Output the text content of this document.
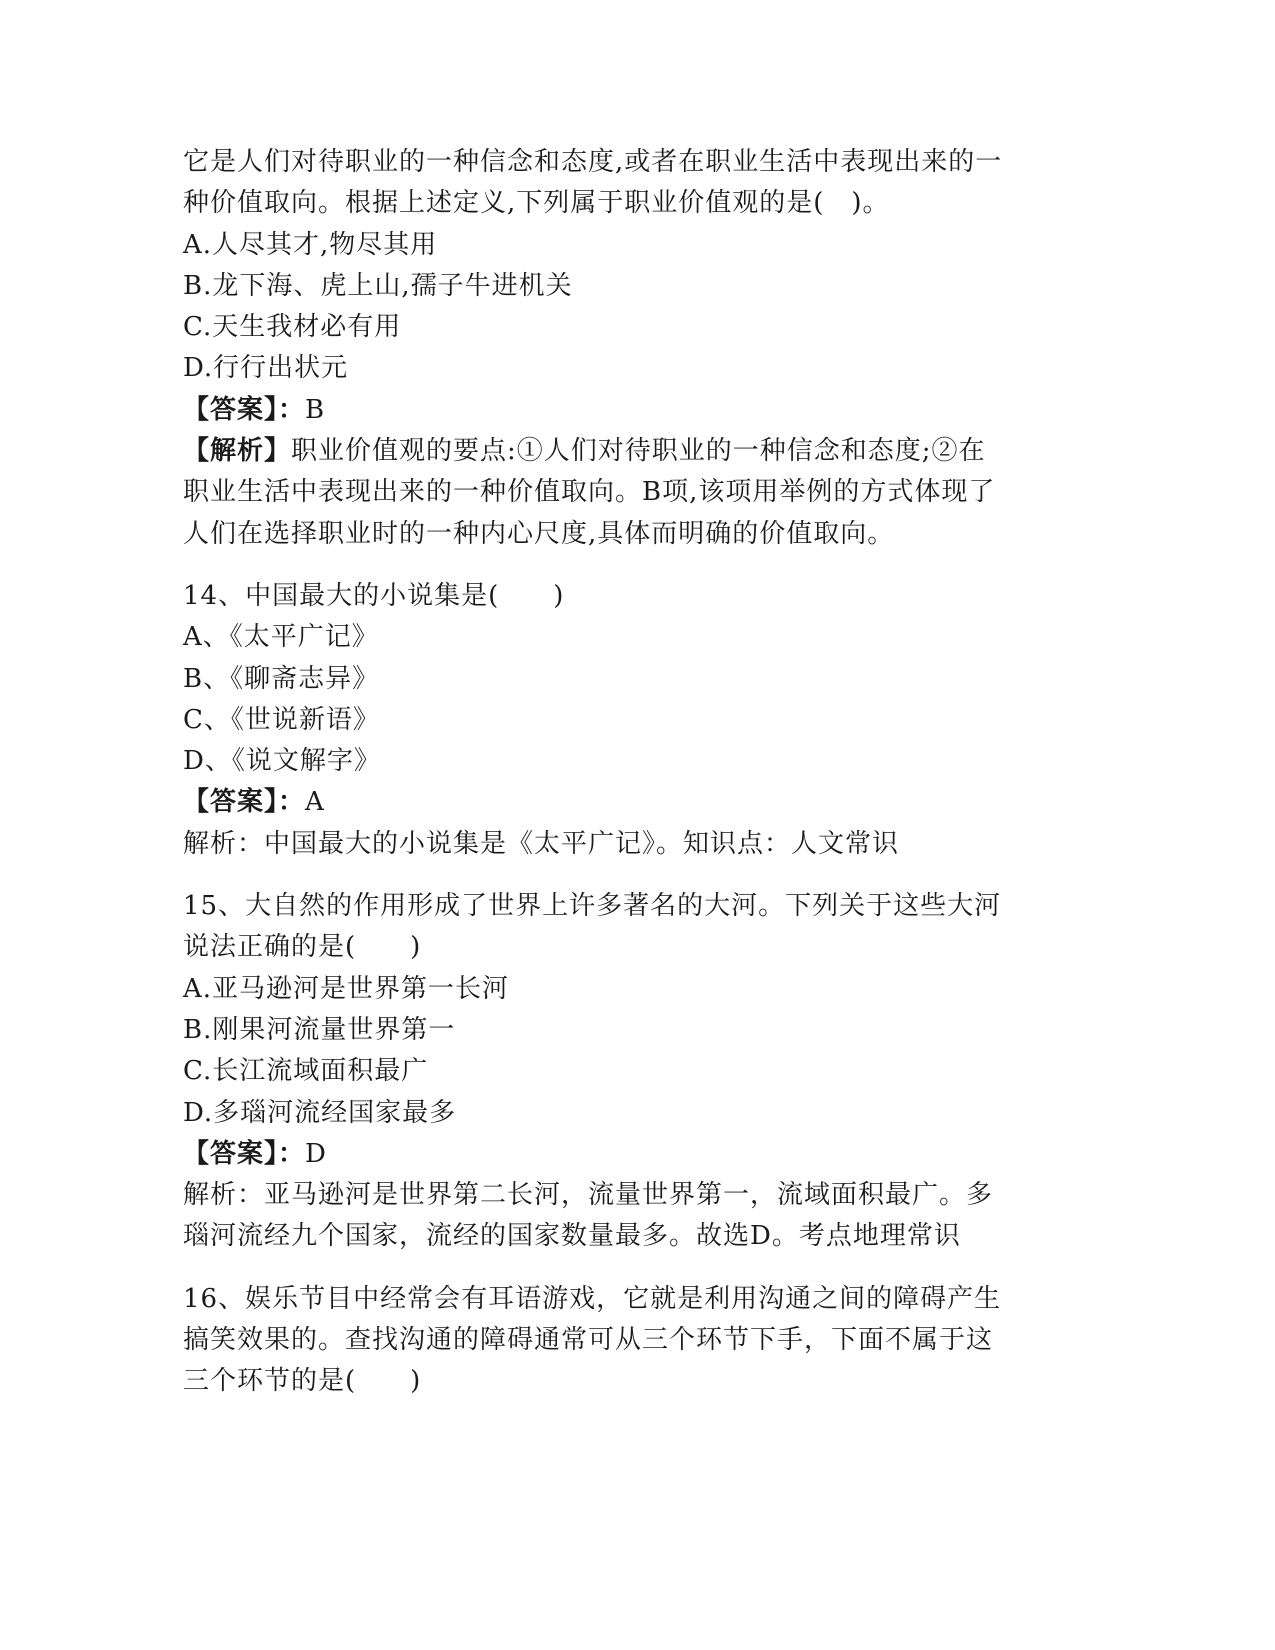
它是人们对待职业的一种信念和态度,或者在职业生活中表现出来的一
种价值取向。根据上述定义,下列属于职业价值观的是(　)。
A.人尽其才,物尽其用
B.龙下海、虎上山,孺子牛进机关
C.天生我材必有用
D.行行出状元
【答案】：B
【解析】职业价值观的要点:①人们对待职业的一种信念和态度;②在
职业生活中表现出来的一种价值取向。B项,该项用举例的方式体现了
人们在选择职业时的一种内心尺度,具体而明确的价值取向。
14、中国最大的小说集是(　　)
A、《太平广记》
B、《聊斋志异》
C、《世说新语》
D、《说文解字》
【答案】：A
解析：中国最大的小说集是《太平广记》。知识点：人文常识
15、大自然的作用形成了世界上许多著名的大河。下列关于这些大河
说法正确的是(　　)
A.亚马逊河是世界第一长河
B.刚果河流量世界第一
C.长江流域面积最广
D.多瑙河流经国家最多
【答案】：D
解析：亚马逊河是世界第二长河，流量世界第一，流域面积最广。多
瑙河流经九个国家，流经的国家数量最多。故选D。考点地理常识
16、娱乐节目中经常会有耳语游戏，它就是利用沟通之间的障碍产生
搞笑效果的。查找沟通的障碍通常可从三个环节下手，下面不属于这
三个环节的是(　　)
